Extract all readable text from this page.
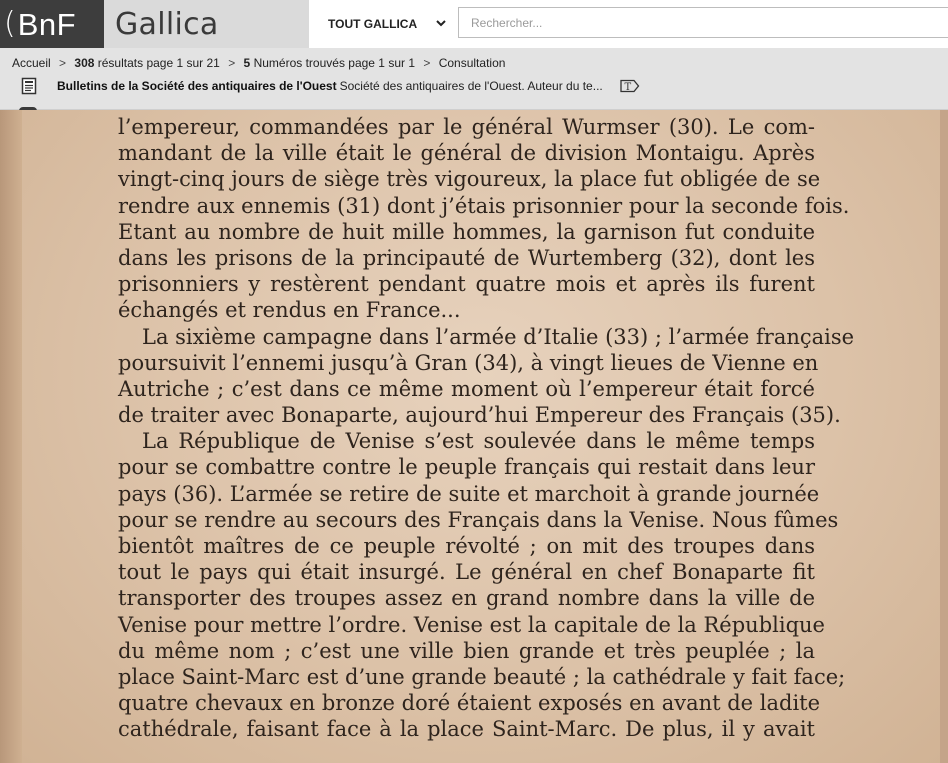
( BnF Gallica	TOUT GALLICA
Rechercher...
Accueil > 308 résultats page 1 sur 21 > 5 Numéros trouvés page 1 sur 1 > Consultation
Bulletins de la Société des antiquaires de l'Ouest Société des antiquaires de l'Ouest. Auteur du te... T
l’empereur, commandées par le général Wurmser (30). Le com-
mandant de la ville était le général de division Montaigu. Après
vingt-cinq jours de siège très vigoureux, la place fut obligée de se
rendre aux ennemis (31) dont j’étais prisonnier pour la seconde fois.
Etant au nombre de huit mille hommes, la garnison fut conduite
dans les prisons de la principauté de Wurtemberg (32), dont les
prisonniers y restèrent pendant quatre mois et après ils furent
échangés et rendus en France...
La sixième campagne dans l’armée d’Italie (33) ; l’armée française
poursuivit l’ennemi jusqu’à Gran (34), à vingt lieues de Vienne en
Autriche ; c’est dans ce même moment où l’empereur était forcé
de traiter avec Bonaparte, aujourd’hui Empereur des Français (35).
La République de Venise s’est soulevée dans le même temps
pour se combattre contre le peuple français qui restait dans leur
pays (36). L’armée se retire de suite et marchoit à grande journée
pour se rendre au secours des Français dans la Venise. Nous fûmes
bientôt maîtres de ce peuple révolté ; on mit des troupes dans
tout le pays qui était insurgé. Le général en chef Bonaparte fit
transporter des troupes assez en grand nombre dans la ville de
Venise pour mettre l’ordre. Venise est la capitale de la République
du même nom ; c’est une ville bien grande et très peuplée ; la
place Saint-Marc est d’une grande beauté ; la cathédrale y fait face;
quatre chevaux en bronze doré étaient exposés en avant de ladite
cathédrale, faisant face à la place Saint-Marc. De plus, il y avait
